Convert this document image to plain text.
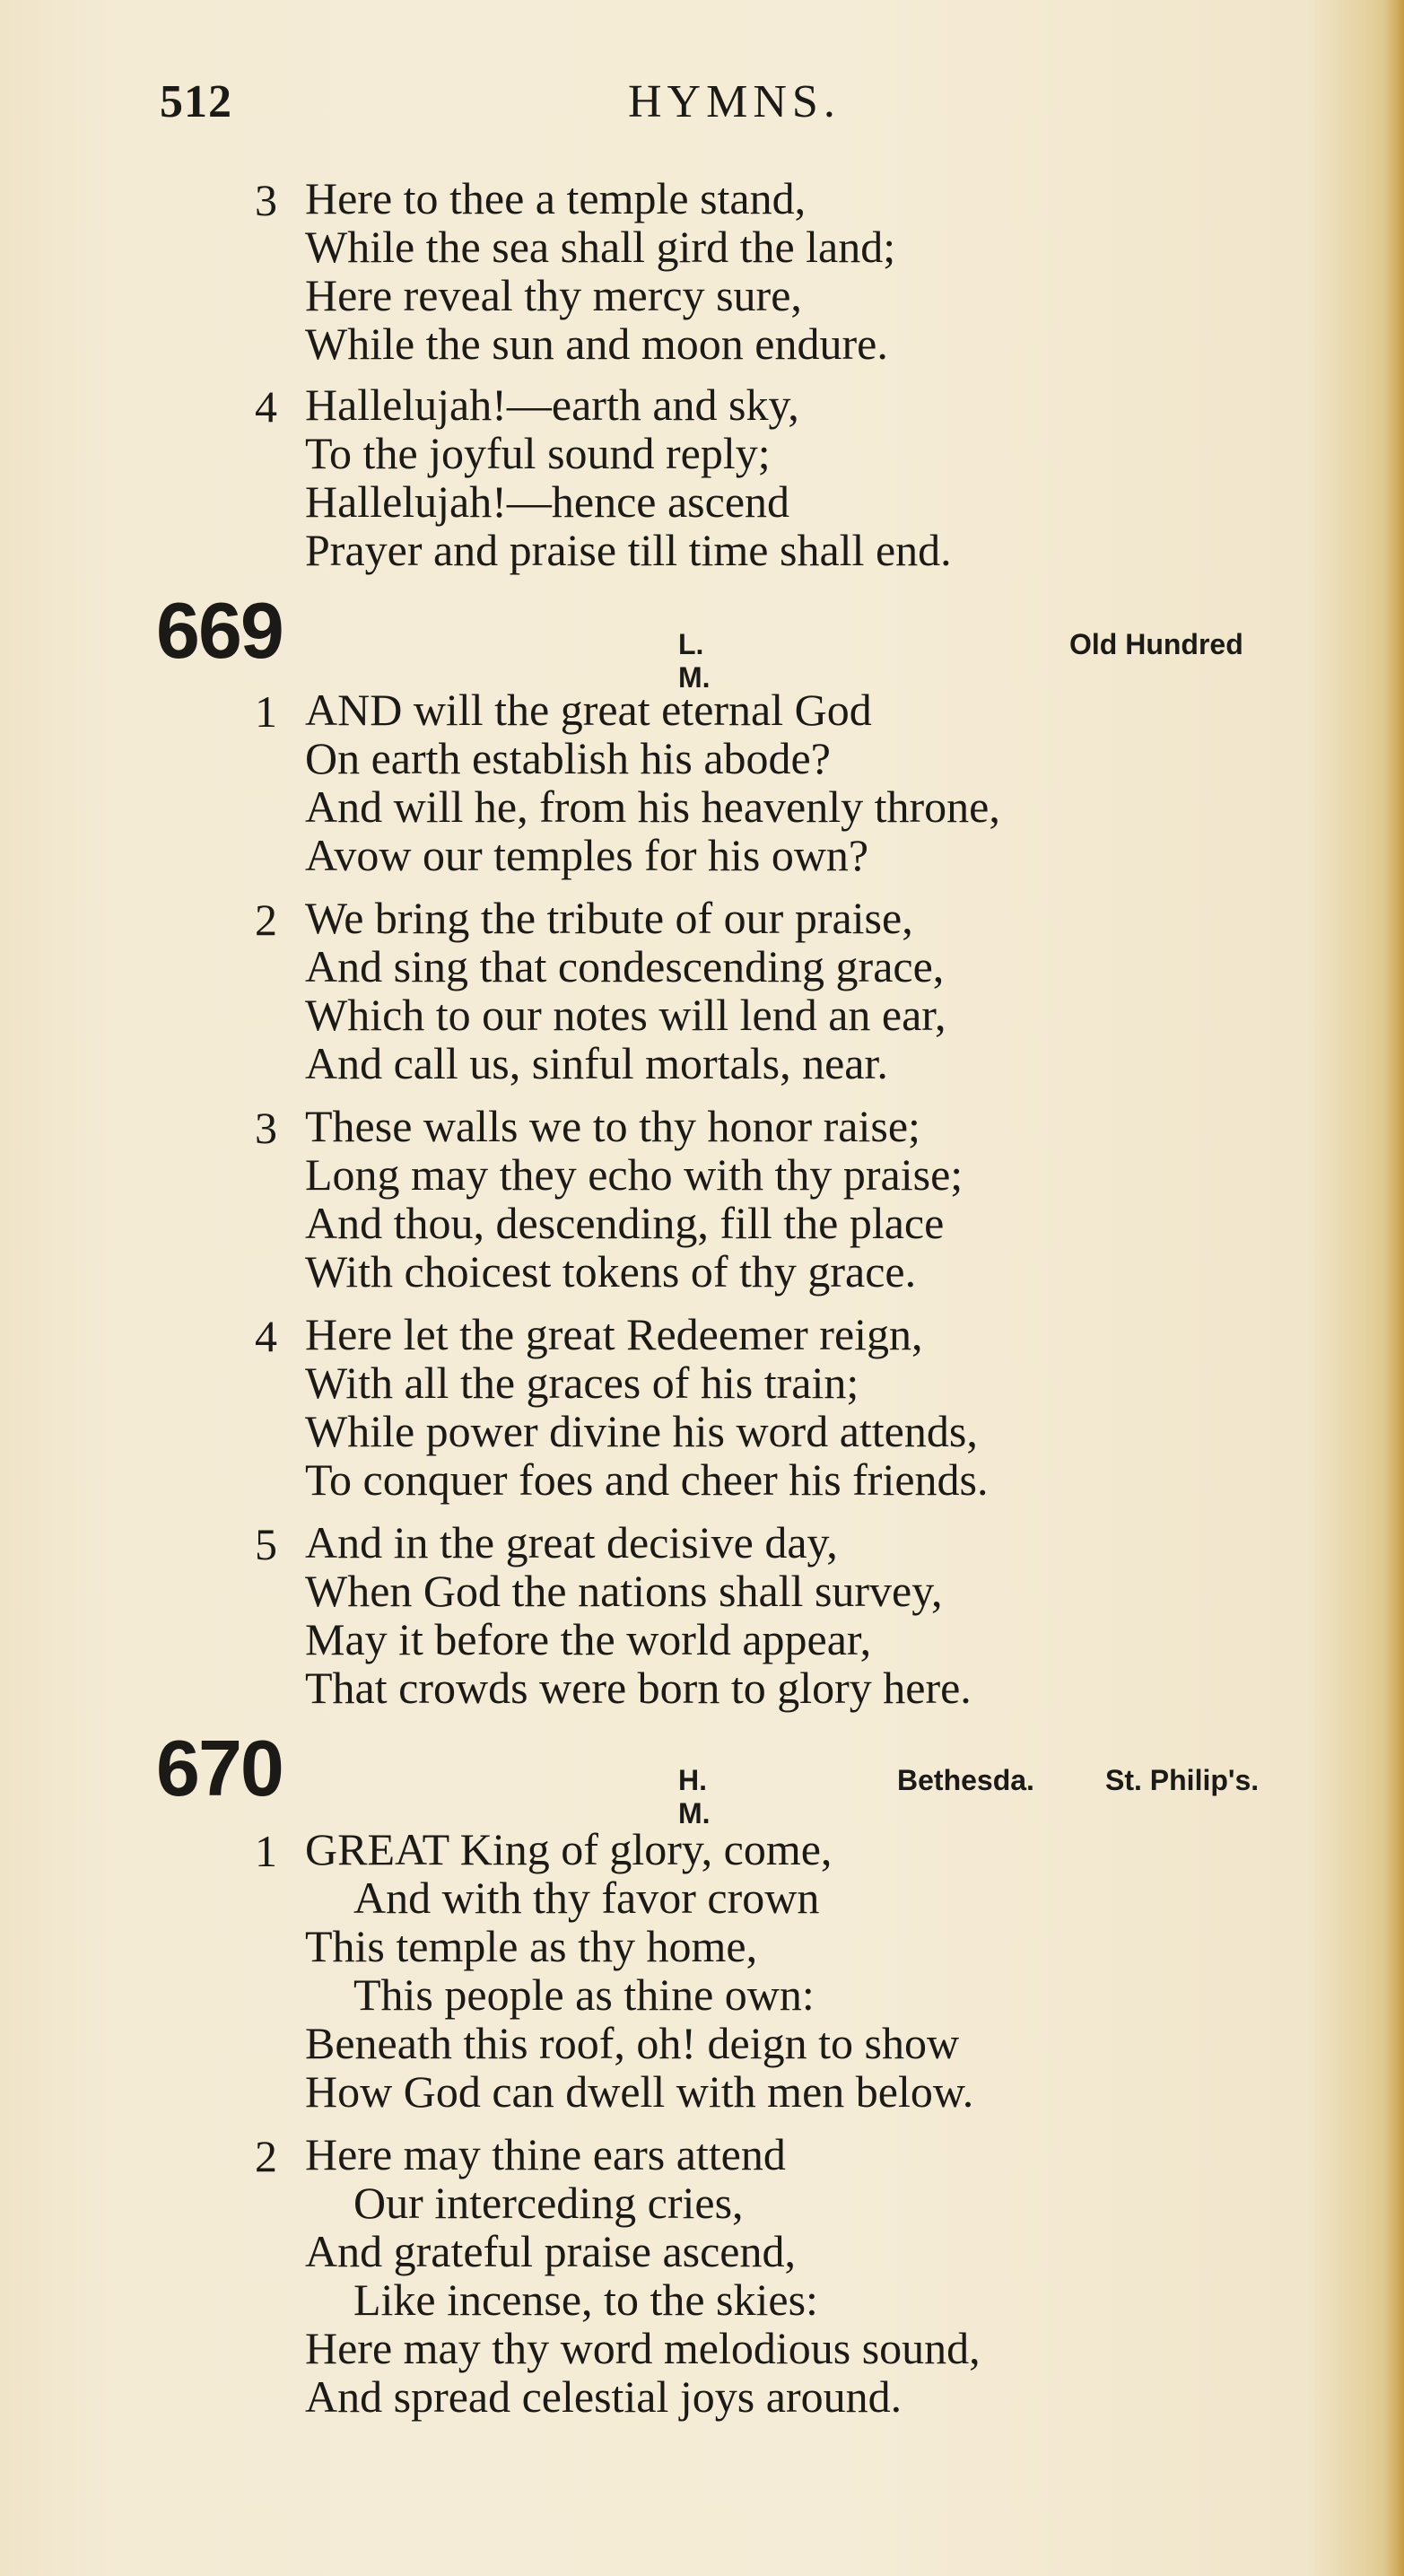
512	HYMNS.
3 Here to thee a temple stand,
While the sea shall gird the land;
Here reveal thy mercy sure,
While the sun and moon endure.
4 Hallelujah!—earth and sky,
To the joyful sound reply;
Hallelujah!—hence ascend
Prayer and praise till time shall end.
669	L. M.
Old Hundred
1 AND will the great eternal God
On earth establish his abode?
And will he, from his heavenly throne,
Avow our temples for his own?
2 We bring the tribute of our praise,
And sing that condescending grace,
Which to our notes will lend an ear,
And call us, sinful mortals, near.
3 These walls we to thy honor raise;
Long may they echo with thy praise;
And thou, descending, fill the place
With choicest tokens of thy grace.
4 Here let the great Redeemer reign,
With all the graces of his train;
While power divine his word attends,
To conquer foes and cheer his friends.
5 And in the great decisive day,
When God the nations shall survey,
May it before the world appear,
That crowds were born to glory here.
670	H. M.
Bethesda. St. Philip's.
1 GREAT King of glory, come,
And with thy favor crown
This temple as thy home,
This people as thine own:
Beneath this roof, oh! deign to show
How God can dwell with men below.
2 Here may thine ears attend
Our interceding cries,
And grateful praise ascend,
Like incense, to the skies:
Here may thy word melodious sound,
And spread celestial joys around.
